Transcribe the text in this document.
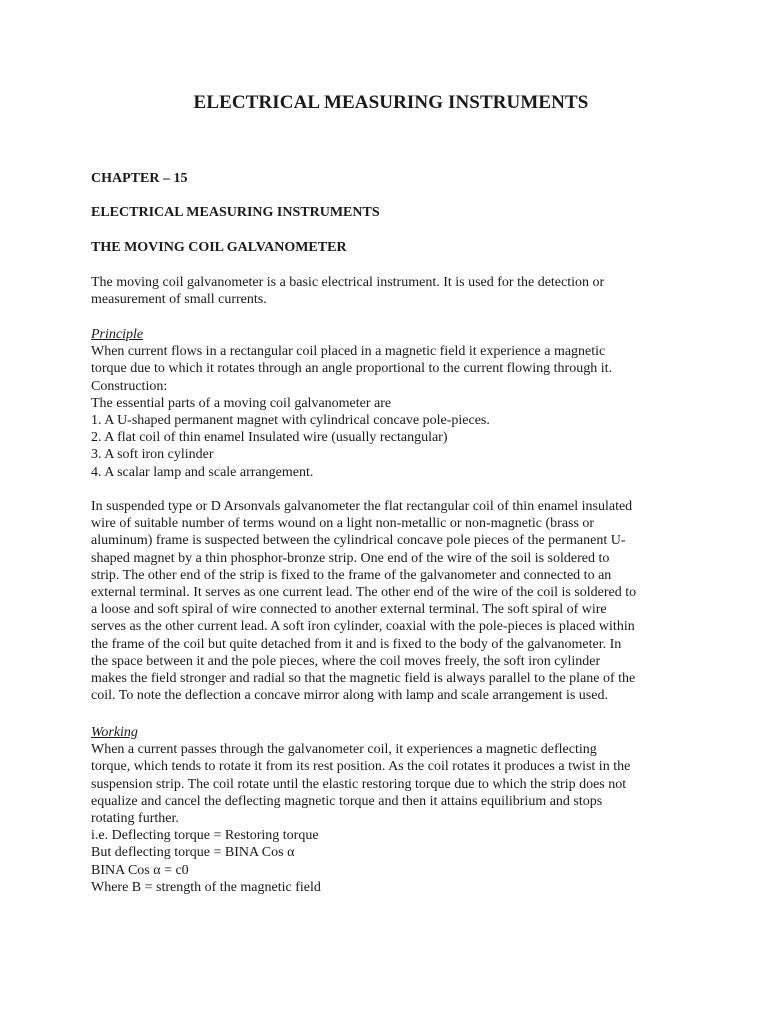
ELECTRICAL MEASURING INSTRUMENTS
CHAPTER – 15
ELECTRICAL MEASURING INSTRUMENTS
THE MOVING COIL GALVANOMETER
The moving coil galvanometer is a basic electrical instrument. It is used for the detection or
measurement of small currents.
Principle
When current flows in a rectangular coil placed in a magnetic field it experience a magnetic
torque due to which it rotates through an angle proportional to the current flowing through it.
Construction:
The essential parts of a moving coil galvanometer are
1. A U-shaped permanent magnet with cylindrical concave pole-pieces.
2. A flat coil of thin enamel Insulated wire (usually rectangular)
3. A soft iron cylinder
4. A scalar lamp and scale arrangement.
In suspended type or D Arsonvals galvanometer the flat rectangular coil of thin enamel insulated
wire of suitable number of terms wound on a light non-metallic or non-magnetic (brass or
aluminum) frame is suspected between the cylindrical concave pole pieces of the permanent U-
shaped magnet by a thin phosphor-bronze strip. One end of the wire of the soil is soldered to
strip. The other end of the strip is fixed to the frame of the galvanometer and connected to an
external terminal. It serves as one current lead. The other end of the wire of the coil is soldered to
a loose and soft spiral of wire connected to another external terminal. The soft spiral of wire
serves as the other current lead. A soft iron cylinder, coaxial with the pole-pieces is placed within
the frame of the coil but quite detached from it and is fixed to the body of the galvanometer. In
the space between it and the pole pieces, where the coil moves freely, the soft iron cylinder
makes the field stronger and radial so that the magnetic field is always parallel to the plane of the
coil. To note the deflection a concave mirror along with lamp and scale arrangement is used.
Working
When a current passes through the galvanometer coil, it experiences a magnetic deflecting
torque, which tends to rotate it from its rest position. As the coil rotates it produces a twist in the
suspension strip. The coil rotate until the elastic restoring torque due to which the strip does not
equalize and cancel the deflecting magnetic torque and then it attains equilibrium and stops
rotating further.
i.e. Deflecting torque = Restoring torque
But deflecting torque = BINA Cos α
BINA Cos α = c0
Where B = strength of the magnetic field
